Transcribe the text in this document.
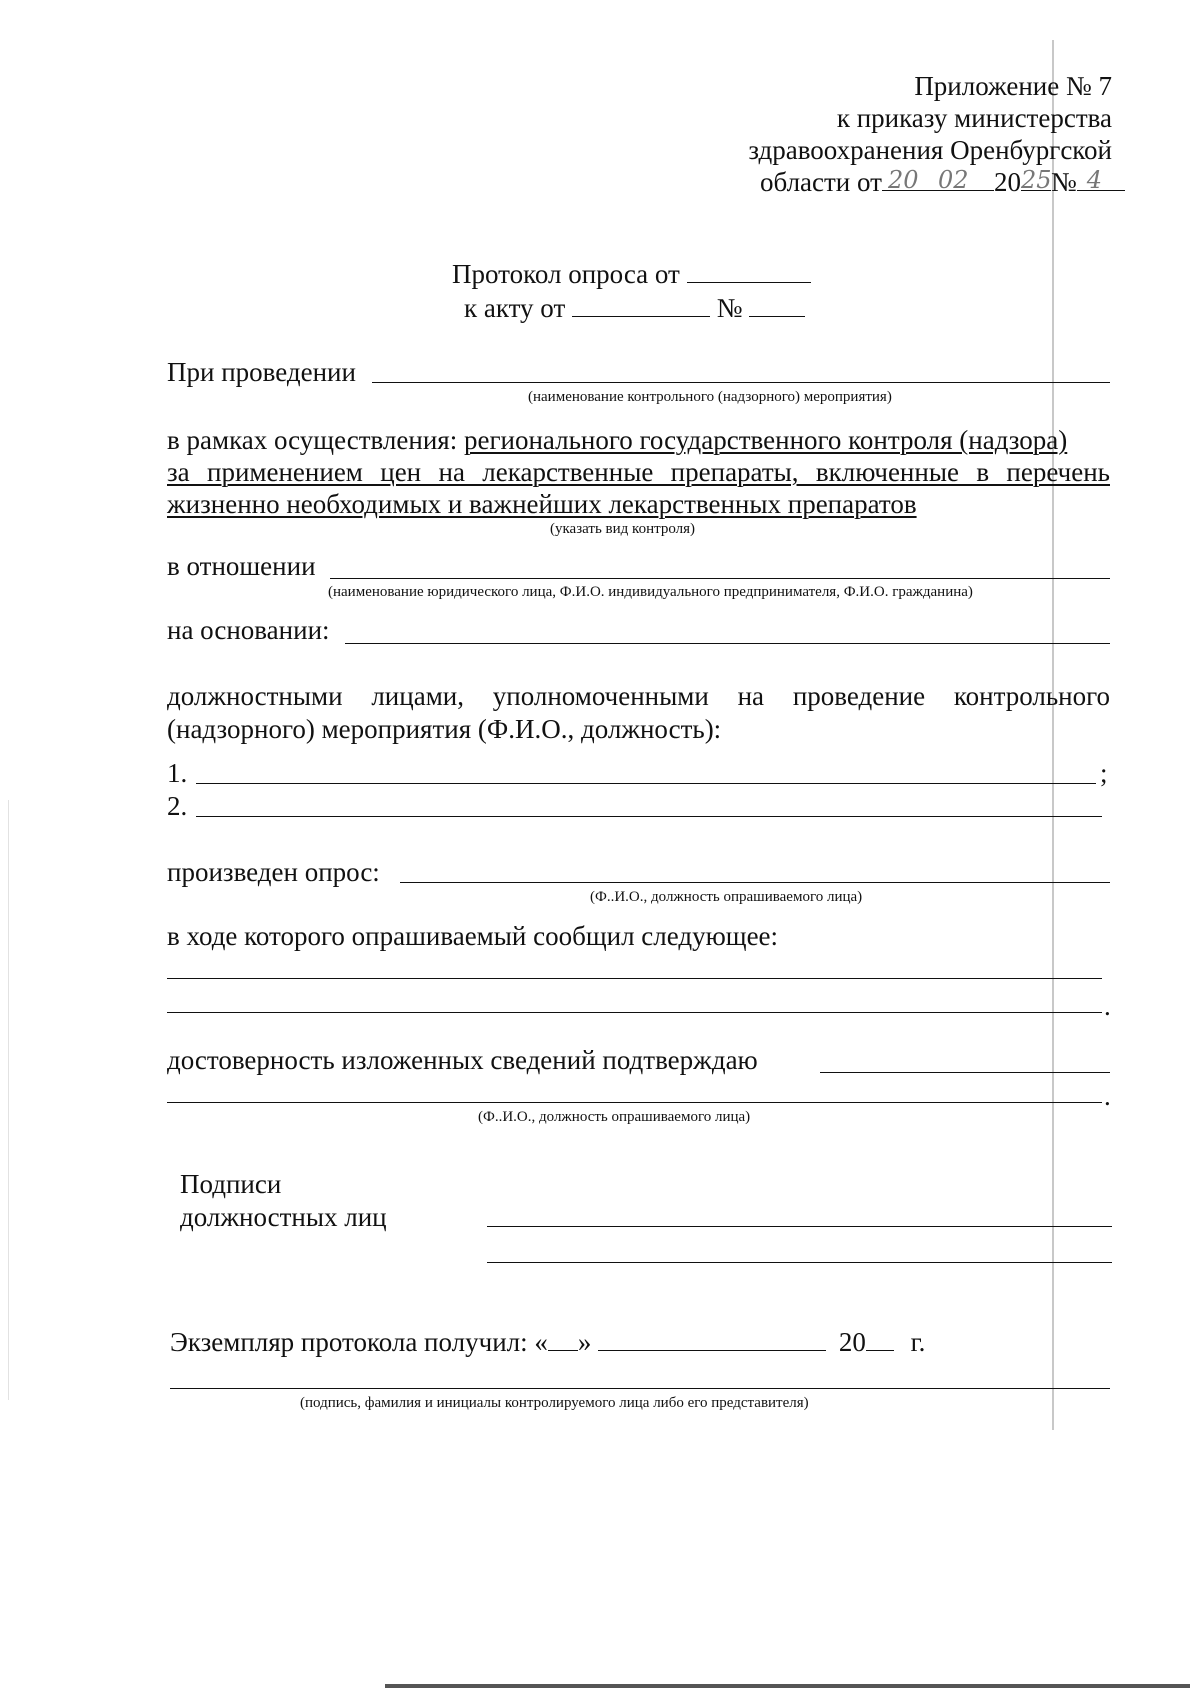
Приложение № 7
к приказу министерства
здравоохранения Оренбургской
области от 20 02 20 25 № 4
Протокол опроса от
к акту от	№
При проведении
(наименование контрольного (надзорного) мероприятия)
в рамках осуществления: регионального государственного контроля (надзора)
за применением цен на лекарственные препараты, включенные в перечень
жизненно необходимых и важнейших лекарственных препаратов
(указать вид контроля)
в отношении
(наименование юридического лица, Ф.И.О. индивидуального предпринимателя, Ф.И.О. гражданина)
на основании:
должностными лицами, уполномоченными на проведение контрольного
(надзорного) мероприятия (Ф.И.О., должность):
1.	;
2.
произведен опрос:
(Ф..И.О., должность опрашиваемого лица)
в ходе которого опрашиваемый сообщил следующее:
.
достоверность изложенных сведений подтверждаю
.
(Ф..И.О., должность опрашиваемого лица)
Подписи
должностных лиц
Экземпляр протокола получил: « »	20 г.
(подпись, фамилия и инициалы контролируемого лица либо его представителя)
